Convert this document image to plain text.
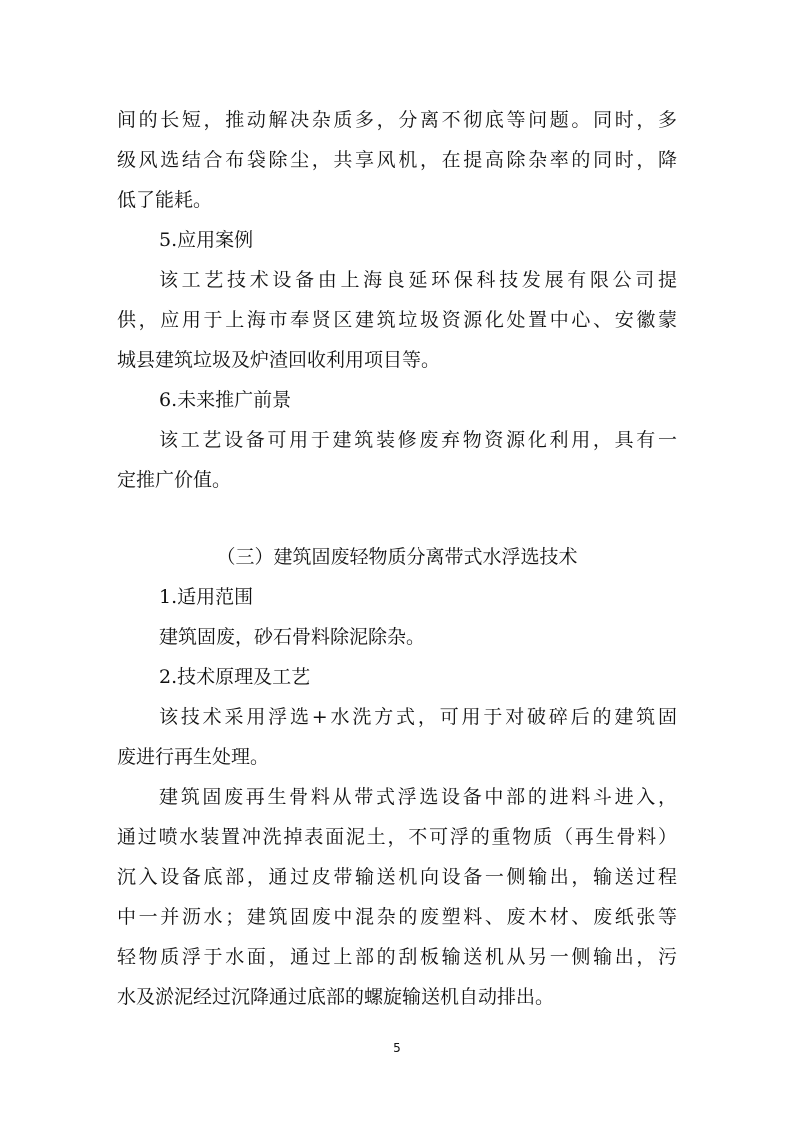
间的长短，推动解决杂质多，分离不彻底等问题。同时，多
级风选结合布袋除尘，共享风机，在提高除杂率的同时，降
低了能耗。
5.应用案例
该工艺技术设备由上海良延环保科技发展有限公司提
供，应用于上海市奉贤区建筑垃圾资源化处置中心、安徽蒙
城县建筑垃圾及炉渣回收利用项目等。
6.未来推广前景
该工艺设备可用于建筑装修废弃物资源化利用，具有一
定推广价值。
（三）建筑固废轻物质分离带式水浮选技术
1.适用范围
建筑固废，砂石骨料除泥除杂。
2.技术原理及工艺
该技术采用浮选+水洗方式，可用于对破碎后的建筑固
废进行再生处理。
建筑固废再生骨料从带式浮选设备中部的进料斗进入，
通过喷水装置冲洗掉表面泥土，不可浮的重物质（再生骨料）
沉入设备底部，通过皮带输送机向设备一侧输出，输送过程
中一并沥水；建筑固废中混杂的废塑料、废木材、废纸张等
轻物质浮于水面，通过上部的刮板输送机从另一侧输出，污
水及淤泥经过沉降通过底部的螺旋输送机自动排出。
5
